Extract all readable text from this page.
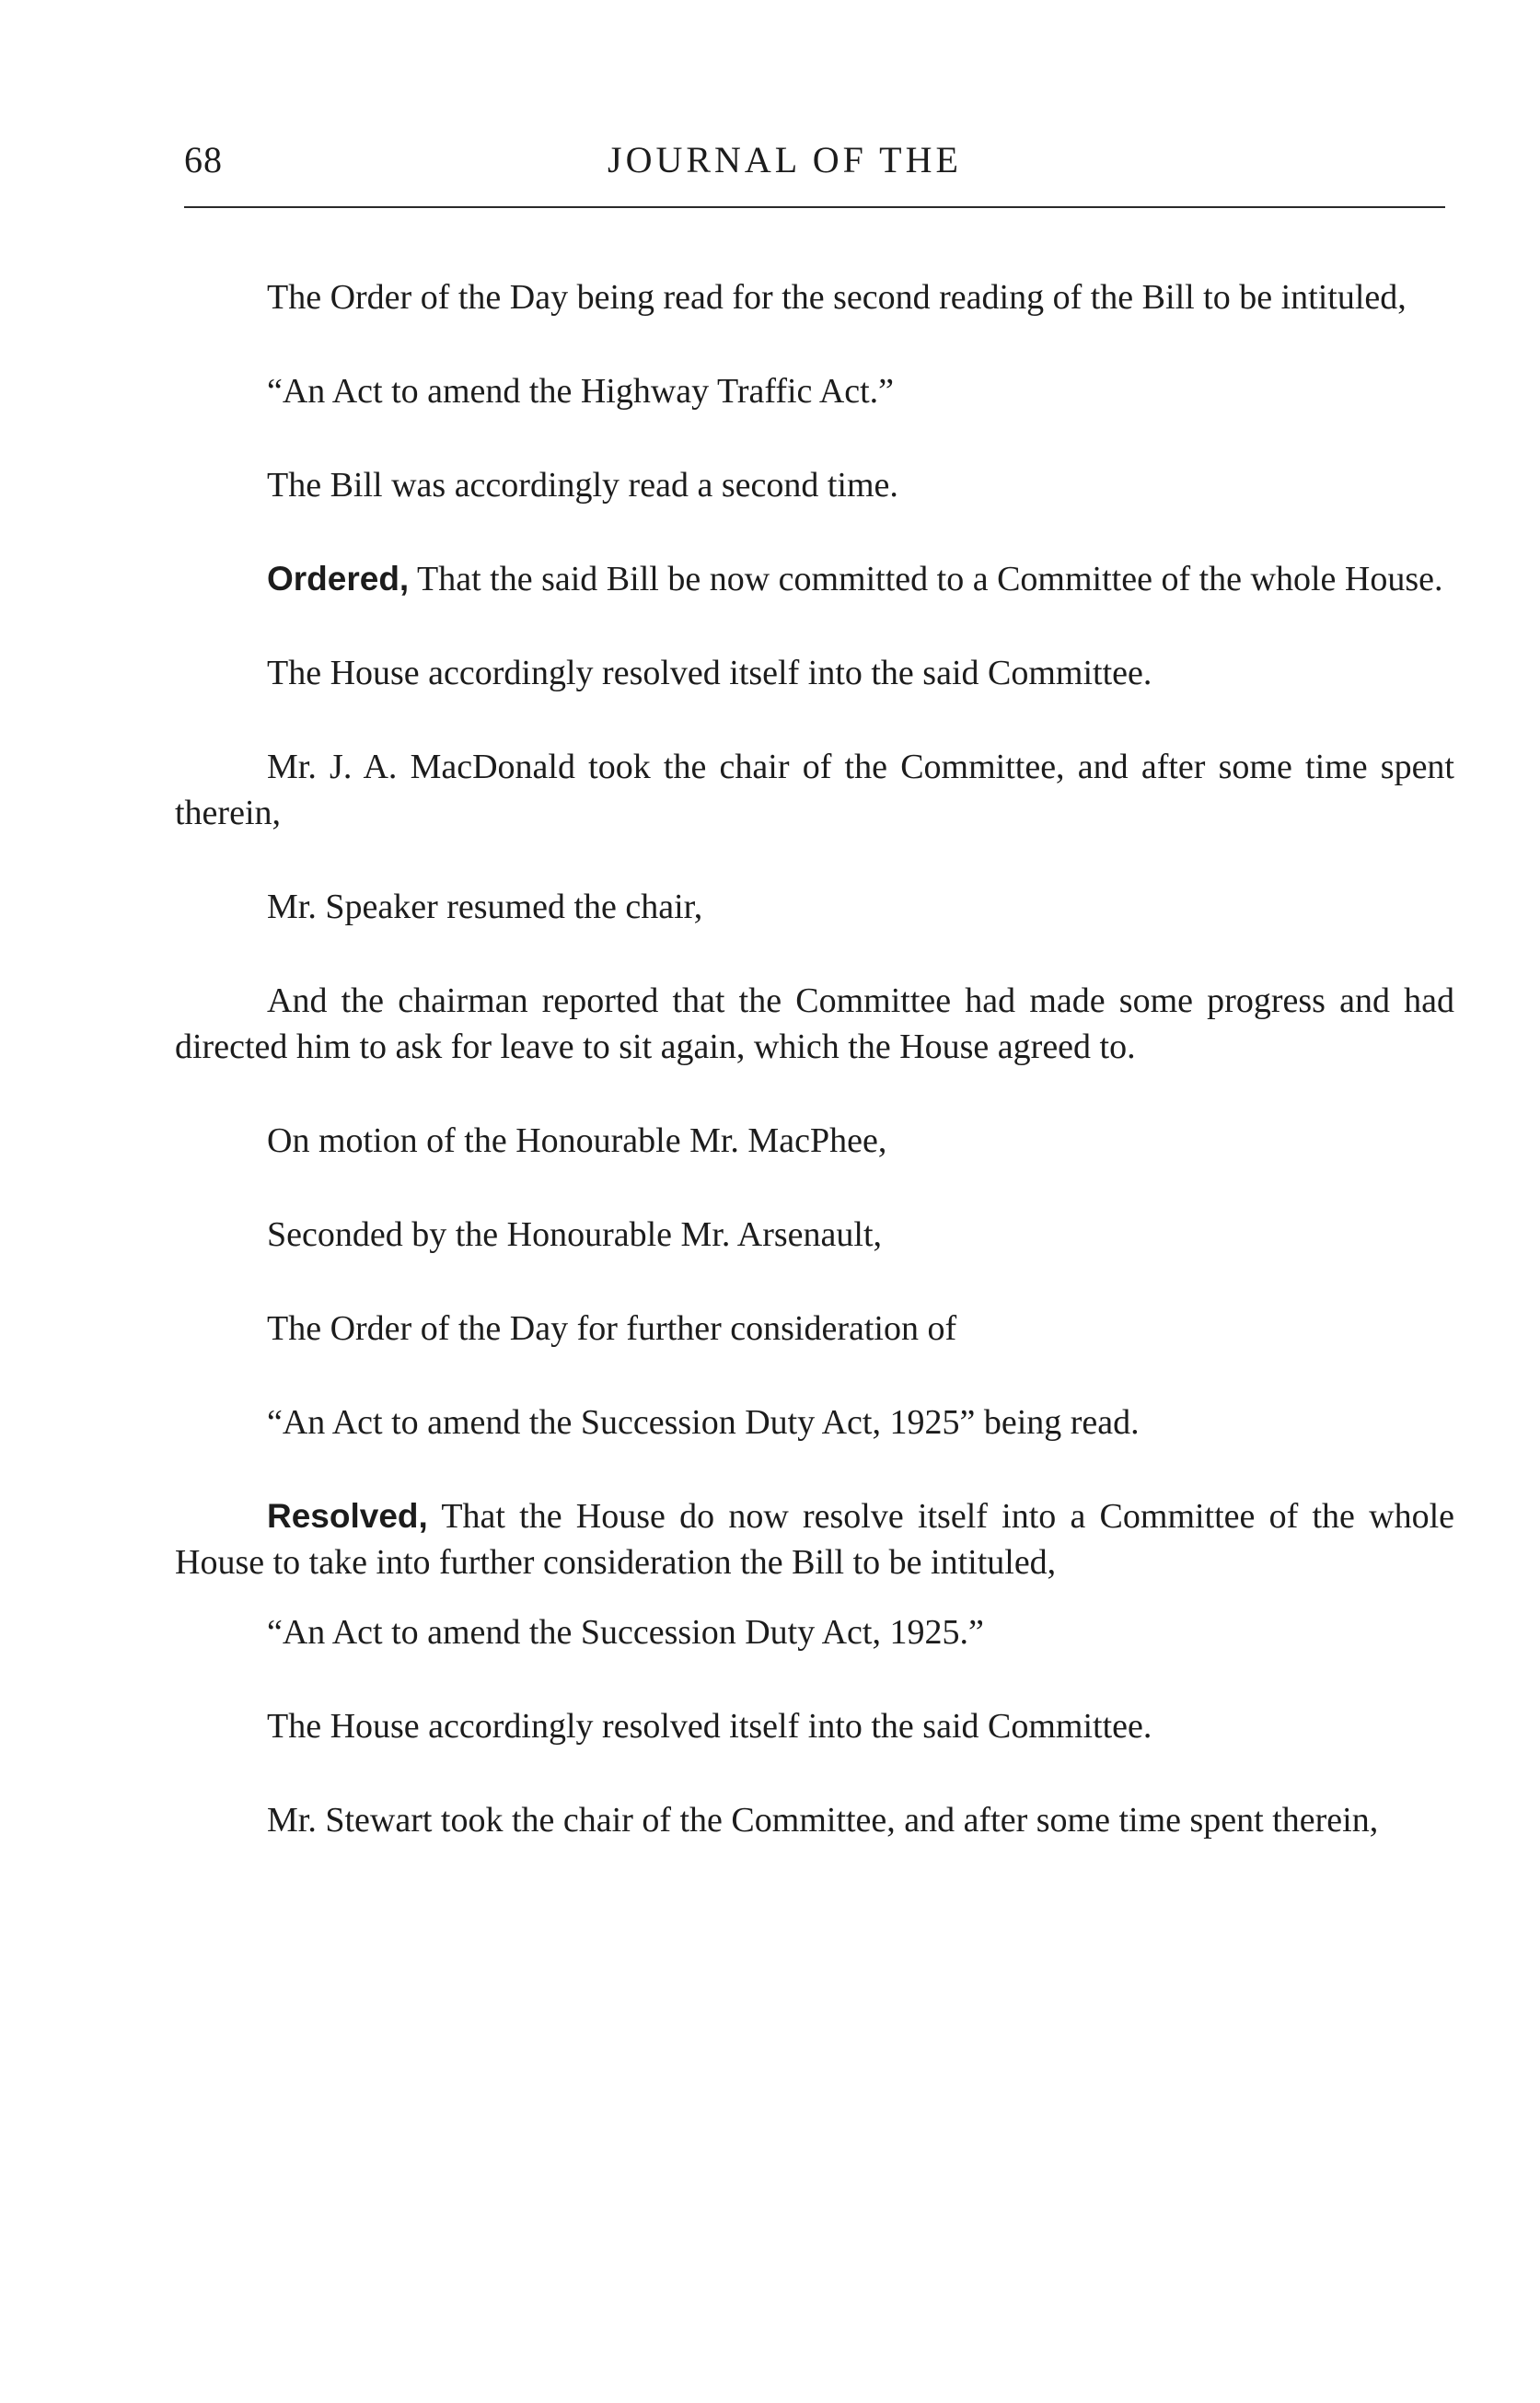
68	JOURNAL OF THE

The Order of the Day being read for the second reading of the Bill to be intituled,

“An Act to amend the Highway Traffic Act.”

The Bill was accordingly read a second time.

Ordered, That the said Bill be now committed to a Committee of the whole House.

The House accordingly resolved itself into the said Committee.

Mr. J. A. MacDonald took the chair of the Committee, and after some time spent therein,

Mr. Speaker resumed the chair,

And the chairman reported that the Committee had made some progress and had directed him to ask for leave to sit again, which the House agreed to.

On motion of the Honourable Mr. MacPhee,

Seconded by the Honourable Mr. Arsenault,

The Order of the Day for further consideration of

“An Act to amend the Succession Duty Act, 1925” being read.

Resolved, That the House do now resolve itself into a Committee of the whole House to take into further consideration the Bill to be intituled,

“An Act to amend the Succession Duty Act, 1925.”

The House accordingly resolved itself into the said Committee.

Mr. Stewart took the chair of the Committee, and after some time spent therein,
